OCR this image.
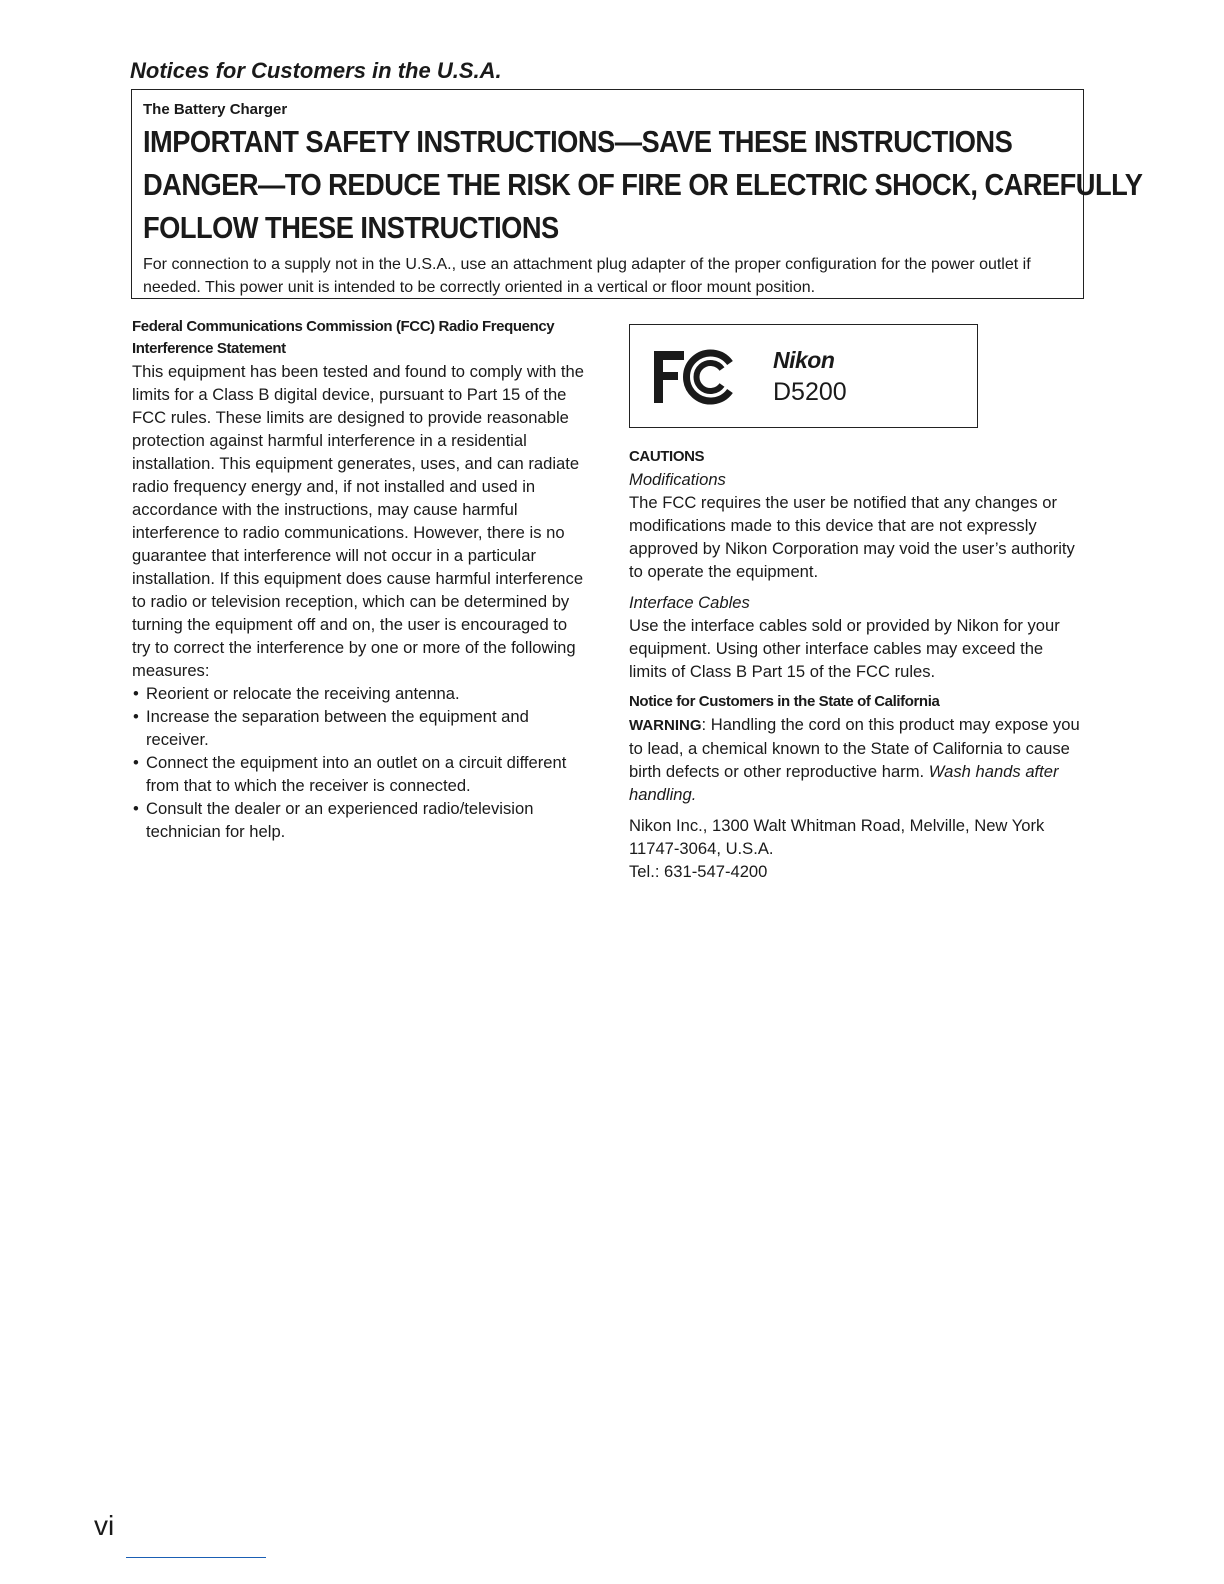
Notices for Customers in the U.S.A.
The Battery Charger
IMPORTANT SAFETY INSTRUCTIONS—SAVE THESE INSTRUCTIONS
DANGER—TO REDUCE THE RISK OF FIRE OR ELECTRIC SHOCK, CAREFULLY
FOLLOW THESE INSTRUCTIONS
For connection to a supply not in the U.S.A., use an attachment plug adapter of the proper configuration for the power outlet if needed. This power unit is intended to be correctly oriented in a vertical or floor mount position.
Federal Communications Commission (FCC) Radio Frequency
Interference Statement
This equipment has been tested and found to comply with the limits for a Class B digital device, pursuant to Part 15 of the FCC rules. These limits are designed to provide reasonable protection against harmful interference in a residential installation. This equipment generates, uses, and can radiate radio frequency energy and, if not installed and used in accordance with the instructions, may cause harmful interference to radio communications. However, there is no guarantee that interference will not occur in a particular installation. If this equipment does cause harmful interference to radio or television reception, which can be determined by turning the equipment off and on, the user is encouraged to try to correct the interference by one or more of the following measures:
• Reorient or relocate the receiving antenna.
• Increase the separation between the equipment and receiver.
• Connect the equipment into an outlet on a circuit different from that to which the receiver is connected.
• Consult the dealer or an experienced radio/television technician for help.
Nikon
D5200
CAUTIONS
Modifications
The FCC requires the user be notified that any changes or modifications made to this device that are not expressly approved by Nikon Corporation may void the user’s authority to operate the equipment.
Interface Cables
Use the interface cables sold or provided by Nikon for your equipment. Using other interface cables may exceed the limits of Class B Part 15 of the FCC rules.
Notice for Customers in the State of California
WARNING: Handling the cord on this product may expose you to lead, a chemical known to the State of California to cause birth defects or other reproductive harm. Wash hands after handling.
Nikon Inc., 1300 Walt Whitman Road, Melville, New York
11747-3064, U.S.A.
Tel.: 631-547-4200

vi
